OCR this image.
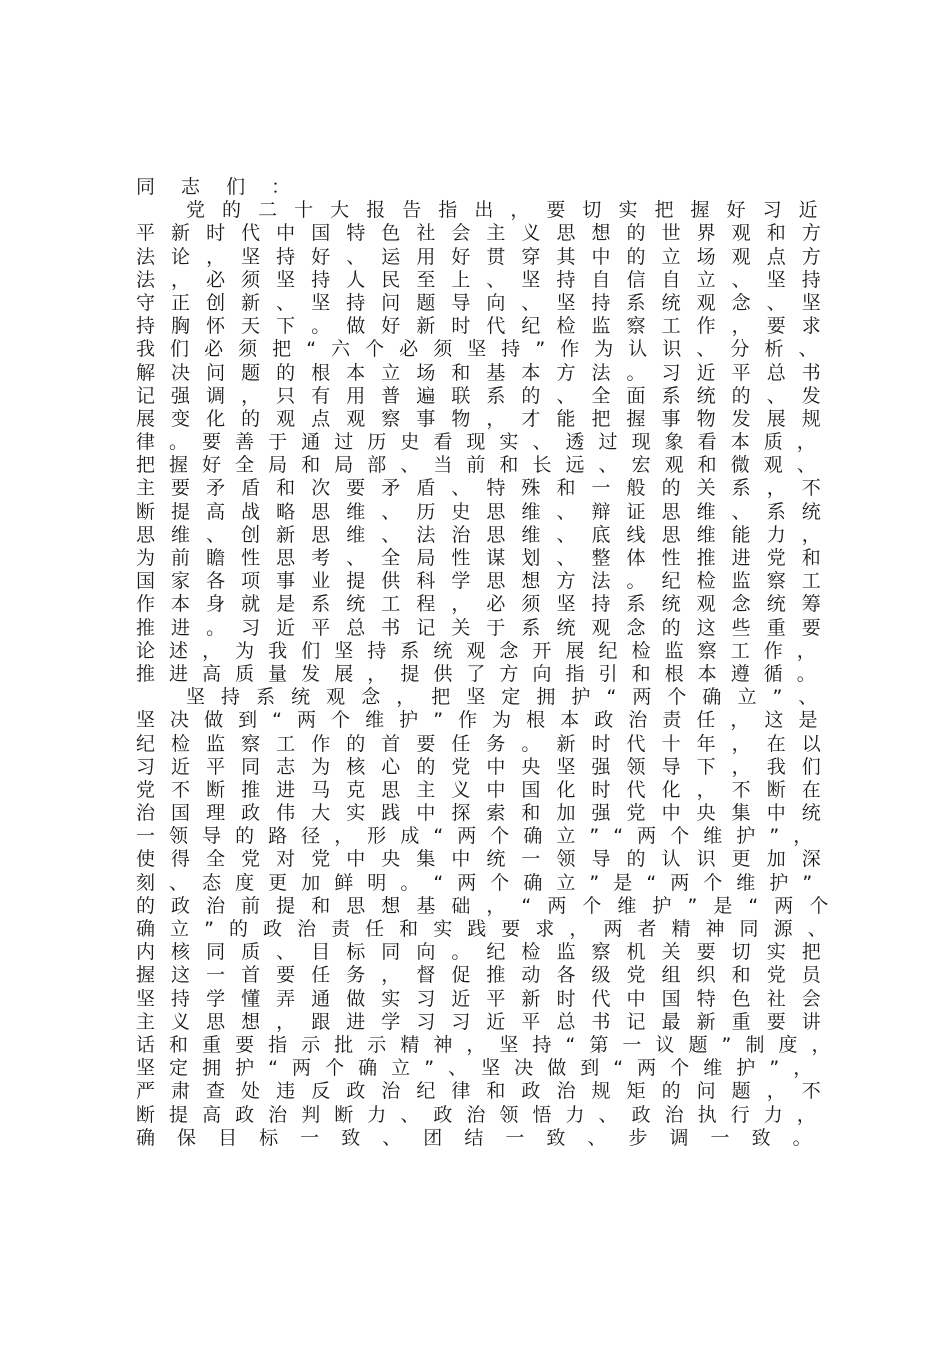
同 志 们 ：
党 的 二 十 大 报 告 指 出 ， 要 切 实 把 握 好 习 近
平 新 时 代 中 国 特 色 社 会 主 义 思 想 的 世 界 观 和 方
法 论 ， 坚 持 好 、 运 用 好 贯 穿 其 中 的 立 场 观 点 方
法 ， 必 须 坚 持 人 民 至 上 、 坚 持 自 信 自 立 、 坚 持
守 正 创 新 、 坚 持 问 题 导 向 、 坚 持 系 统 观 念 、 坚
持 胸 怀 天 下 。 做 好 新 时 代 纪 检 监 察 工 作 ， 要 求
我 们 必 须 把 “ 六 个 必 须 坚 持 ” 作 为 认 识 、 分 析 、
解 决 问 题 的 根 本 立 场 和 基 本 方 法 。 习 近 平 总 书
记 强 调 ， 只 有 用 普 遍 联 系 的 、 全 面 系 统 的 、 发
展 变 化 的 观 点 观 察 事 物 ， 才 能 把 握 事 物 发 展 规
律 。 要 善 于 通 过 历 史 看 现 实 、 透 过 现 象 看 本 质 ，
把 握 好 全 局 和 局 部 、 当 前 和 长 远 、 宏 观 和 微 观 、
主 要 矛 盾 和 次 要 矛 盾 、 特 殊 和 一 般 的 关 系 ， 不
断 提 高 战 略 思 维 、 历 史 思 维 、 辩 证 思 维 、 系 统
思 维 、 创 新 思 维 、 法 治 思 维 、 底 线 思 维 能 力 ，
为 前 瞻 性 思 考 、 全 局 性 谋 划 、 整 体 性 推 进 党 和
国 家 各 项 事 业 提 供 科 学 思 想 方 法 。 纪 检 监 察 工
作 本 身 就 是 系 统 工 程 ， 必 须 坚 持 系 统 观 念 统 筹
推 进 。 习 近 平 总 书 记 关 于 系 统 观 念 的 这 些 重 要
论 述 ， 为 我 们 坚 持 系 统 观 念 开 展 纪 检 监 察 工 作 ，
推 进 高 质 量 发 展 ， 提 供 了 方 向 指 引 和 根 本 遵 循 。
坚 持 系 统 观 念 ， 把 坚 定 拥 护 “ 两 个 确 立 ” 、
坚 决 做 到 “ 两 个 维 护 ” 作 为 根 本 政 治 责 任 ， 这 是
纪 检 监 察 工 作 的 首 要 任 务 。 新 时 代 十 年 ， 在 以
习 近 平 同 志 为 核 心 的 党 中 央 坚 强 领 导 下 ， 我 们
党 不 断 推 进 马 克 思 主 义 中 国 化 时 代 化 ， 不 断 在
治 国 理 政 伟 大 实 践 中 探 索 和 加 强 党 中 央 集 中 统
一 领 导 的 路 径 ， 形 成 “ 两 个 确 立 ” “ 两 个 维 护 ” ，
使 得 全 党 对 党 中 央 集 中 统 一 领 导 的 认 识 更 加 深
刻 、 态 度 更 加 鲜 明 。 “ 两 个 确 立 ” 是 “ 两 个 维 护 ”
的 政 治 前 提 和 思 想 基 础 ， “ 两 个 维 护 ” 是 “ 两 个
确 立 ” 的 政 治 责 任 和 实 践 要 求 ， 两 者 精 神 同 源 、
内 核 同 质 、 目 标 同 向 。 纪 检 监 察 机 关 要 切 实 把
握 这 一 首 要 任 务 ， 督 促 推 动 各 级 党 组 织 和 党 员
坚 持 学 懂 弄 通 做 实 习 近 平 新 时 代 中 国 特 色 社 会
主 义 思 想 ， 跟 进 学 习 习 近 平 总 书 记 最 新 重 要 讲
话 和 重 要 指 示 批 示 精 神 ， 坚 持 “ 第 一 议 题 ” 制 度 ，
坚 定 拥 护 “ 两 个 确 立 ” 、 坚 决 做 到 “ 两 个 维 护 ” ，
严 肃 查 处 违 反 政 治 纪 律 和 政 治 规 矩 的 问 题 ， 不
断 提 高 政 治 判 断 力 、 政 治 领 悟 力 、 政 治 执 行 力 ，
确 保 目 标 一 致 、 团 结 一 致 、 步 调 一 致 。
